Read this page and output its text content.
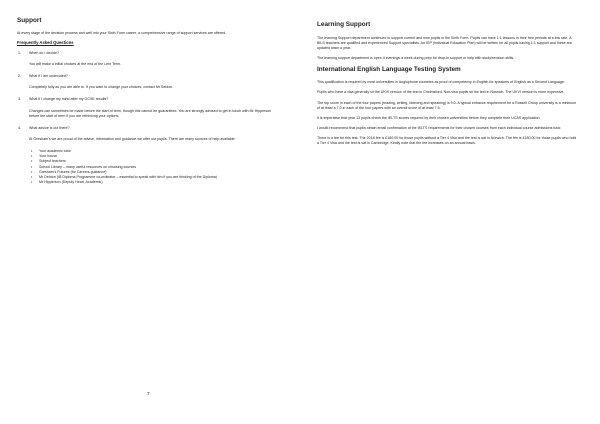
Support

At every stage of the decision process and well into your Sixth Form career, a comprehensive range of support services are offered.

Frequently Asked Questions
1.	When do I decide?
You will make a initial choices at the end of the Lent Term.
2.	What if I am undecided?
Completely fully as you are able to. If you want to change your choices, contact Mr Seldon.
3.	What if I change my mind after my GCSE results?
Changes can sometimes be made before the start of term, though this cannot be guaranteed. You are strongly advised to get in touch with Mr Hipperson before the start of term if you are rethinking your options.
4.	What advice is out there?
At Gresham's we are proud of the advice, information and guidance we offer our pupils. There are many sources of help available:
• Your academic tutor
• Your house
• Subject teachers
• School Library – many useful resources on choosing courses
• Gresham's Futures (for Careers guidance)
• Mr Detnon (IB Diploma Programme co-ordinator – essential to speak with him if you are thinking of the Diploma)
• Mr Hipperson (Deputy Head, Academic)
7
Learning Support

The learning Support department continues to support current and new pupils in the Sixth Form. Pupils can have 1:1 lessons in their free periods at a low rate. A BILS teachers are qualified and experienced Support specialists. An IEP (Individual Education Plan) will be written for all pupils having 1:1 support and these are updated twice a year.

The learning support department is open 4 evenings a week during prep for drop-in support or help with study/revision skills.

International English Language Testing System

This qualification is required by most universities in Anglophone countries as proof of competency in English for speakers of English as a Second Language.

Pupils who have a visa generally sit the UKVI version of the test in Chelmsford. Non-visa pupils sit the test in Norwich. The UKVI version is more expensive.

The top score in each of the four papers (reading, writing, listening and speaking) is 9.0. A typical entrance requirement for a Russell Group university is a minimum of at least a 7.0 in each of the four papers with an overall score of at least 7.5.

It is imperative that year 13 pupils check the IELTS scores required by their chosen universities before they complete their UCAS application.

I would recommend that pupils obtain email confirmation of the IELTS requirements for their chosen courses from each individual course admissions tutor.

There is a fee for this test. The 2018 fee is £180.00 for those pupils without a Tier 4 Visa and the test is sat in Norwich. The fee is £180.00 for those pupils who hold a Tier 4 Visa and the test is sat in Cambridge. Kindly note that the fee increases on an annual basis.
